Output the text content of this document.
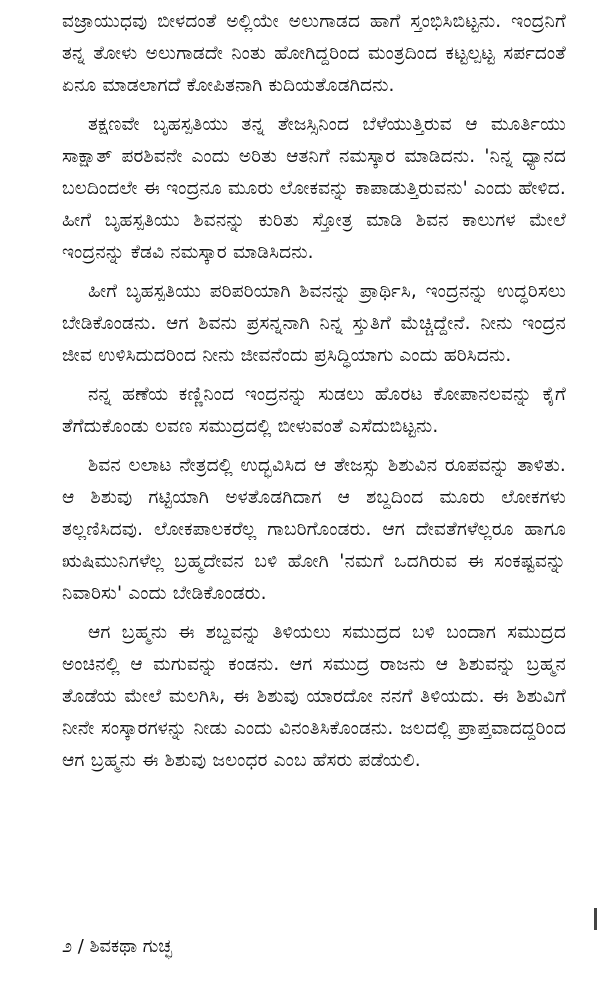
ವಜ್ರಾಯುಧವು ಬೀಳದಂತೆ ಅಲ್ಲಿಯೇ ಅಲುಗಾಡದ ಹಾಗೆ ಸ್ತಂಭಿಸಿಬಿಟ್ಟನು. ಇಂದ್ರನಿಗೆ ತನ್ನ ತೋಳು ಅಲುಗಾಡದೇ ನಿಂತು ಹೋಗಿದ್ದರಿಂದ ಮಂತ್ರದಿಂದ ಕಟ್ಟಲ್ಪಟ್ಟ ಸರ್ಪದಂತೆ ಏನೂ ಮಾಡಲಾಗದೆ ಕೋಪಿತನಾಗಿ ಕುದಿಯತೊಡಗಿದನು.

ತಕ್ಷಣವೇ ಬೃಹಸ್ಪತಿಯು ತನ್ನ ತೇಜಸ್ಸಿನಿಂದ ಬೆಳೆಯುತ್ತಿರುವ ಆ ಮೂರ್ತಿಯು ಸಾಕ್ಷಾತ್ ಪರಶಿವನೇ ಎಂದು ಅರಿತು ಆತನಿಗೆ ನಮಸ್ಕಾರ ಮಾಡಿದನು. 'ನಿನ್ನ ಧ್ಯಾನದ ಬಲದಿಂದಲೇ ಈ ಇಂದ್ರನೂ ಮೂರು ಲೋಕವನ್ನು ಕಾಪಾಡುತ್ತಿರುವನು' ಎಂದು ಹೇಳಿದ. ಹೀಗೆ ಬೃಹಸ್ಪತಿಯು ಶಿವನನ್ನು ಕುರಿತು ಸ್ತೋತ್ರ ಮಾಡಿ ಶಿವನ ಕಾಲುಗಳ ಮೇಲೆ ಇಂದ್ರನನ್ನು ಕೆಡವಿ ನಮಸ್ಕಾರ ಮಾಡಿಸಿದನು.

ಹೀಗೆ ಬೃಹಸ್ಪತಿಯು ಪರಿಪರಿಯಾಗಿ ಶಿವನನ್ನು ಪ್ರಾರ್ಥಿಸಿ, ಇಂದ್ರನನ್ನು ಉದ್ಧರಿಸಲು ಬೇಡಿಕೊಂಡನು. ಆಗ ಶಿವನು ಪ್ರಸನ್ನನಾಗಿ ನಿನ್ನ ಸ್ತುತಿಗೆ ಮೆಚ್ಚಿದ್ದೇನೆ. ನೀನು ಇಂದ್ರನ ಜೀವ ಉಳಿಸಿದುದರಿಂದ ನೀನು ಜೀವನೆಂದು ಪ್ರಸಿದ್ಧಿಯಾಗು ಎಂದು ಹರಿಸಿದನು.

ನನ್ನ ಹಣೆಯ ಕಣ್ಣಿನಿಂದ ಇಂದ್ರನನ್ನು ಸುಡಲು ಹೊರಟ ಕೋಪಾನಲವನ್ನು ಕೈಗೆ ತೆಗೆದುಕೊಂಡು ಲವಣ ಸಮುದ್ರದಲ್ಲಿ ಬೀಳುವಂತೆ ಎಸೆದುಬಿಟ್ಟನು.

ಶಿವನ ಲಲಾಟ ನೇತ್ರದಲ್ಲಿ ಉದ್ಭವಿಸಿದ ಆ ತೇಜಸ್ಸು ಶಿಶುವಿನ ರೂಪವನ್ನು ತಾಳಿತು. ಆ ಶಿಶುವು ಗಟ್ಟಿಯಾಗಿ ಅಳತೊಡಗಿದಾಗ ಆ ಶಬ್ದದಿಂದ ಮೂರು ಲೋಕಗಳು ತಲ್ಲಣಿಸಿದವು. ಲೋಕಪಾಲಕರೆಲ್ಲ ಗಾಬರಿಗೊಂಡರು. ಆಗ ದೇವತೆಗಳೆಲ್ಲರೂ ಹಾಗೂ ಋಷಿಮುನಿಗಳೆಲ್ಲ ಬ್ರಹ್ಮದೇವನ ಬಳಿ ಹೋಗಿ 'ನಮಗೆ ಒದಗಿರುವ ಈ ಸಂಕಷ್ಟವನ್ನು ನಿವಾರಿಸು' ಎಂದು ಬೇಡಿಕೊಂಡರು.

ಆಗ ಬ್ರಹ್ಮನು ಈ ಶಬ್ದವನ್ನು ತಿಳಿಯಲು ಸಮುದ್ರದ ಬಳಿ ಬಂದಾಗ ಸಮುದ್ರದ ಅಂಚಿನಲ್ಲಿ ಆ ಮಗುವನ್ನು ಕಂಡನು. ಆಗ ಸಮುದ್ರ ರಾಜನು ಆ ಶಿಶುವನ್ನು ಬ್ರಹ್ಮನ ತೊಡೆಯ ಮೇಲೆ ಮಲಗಿಸಿ, ಈ ಶಿಶುವು ಯಾರದೋ ನನಗೆ ತಿಳಿಯದು. ಈ ಶಿಶುವಿಗೆ ನೀನೇ ಸಂಸ್ಕಾರಗಳನ್ನು ನೀಡು ಎಂದು ವಿನಂತಿಸಿಕೊಂಡನು. ಜಲದಲ್ಲಿ ಪ್ರಾಪ್ತವಾದದ್ದರಿಂದ ಆಗ ಬ್ರಹ್ಮನು ಈ ಶಿಶುವು ಜಲಂಧರ ಎಂಬ ಹೆಸರು ಪಡೆಯಲಿ.

೨ / ಶಿವಕಥಾ ಗುಚ್ಛ
